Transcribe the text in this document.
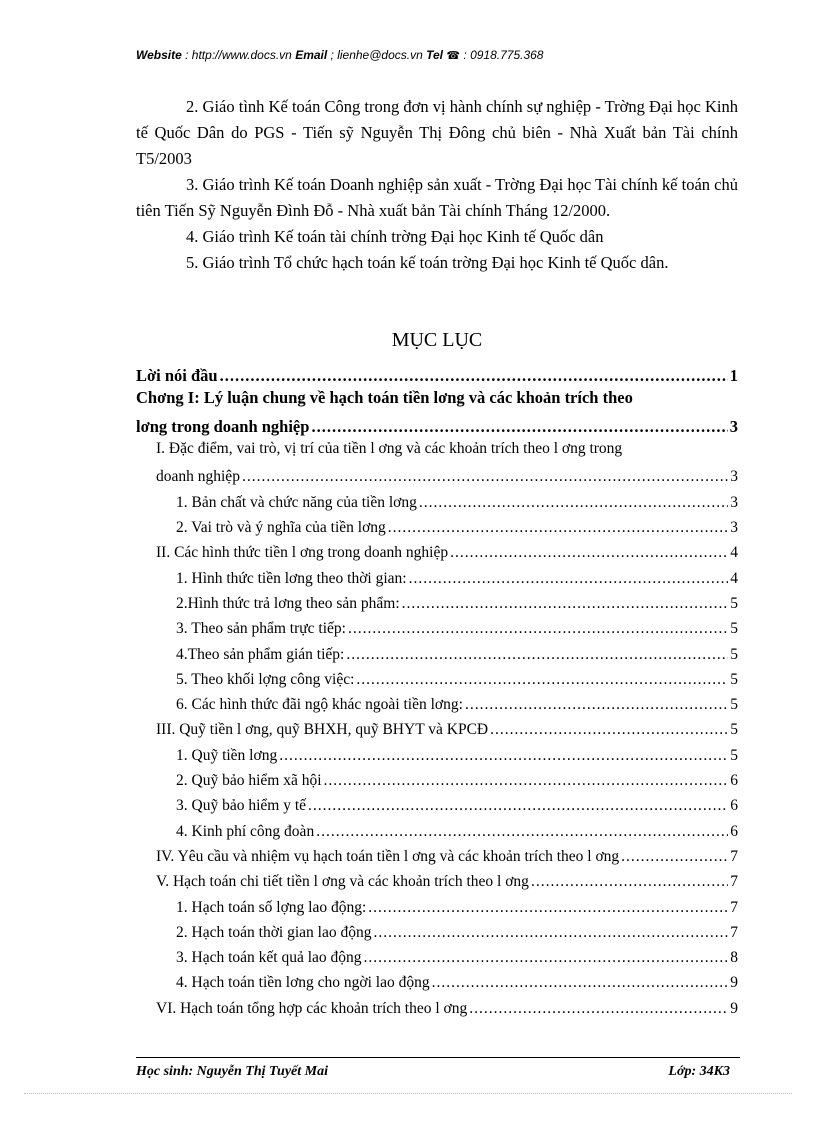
Website : http://www.docs.vn Email ; lienhe@docs.vn Tel ☎ : 0918.775.368

2. Giáo tình Kế toán Công trong đơn vị hành chính sự nghiệp - Trờng Đại học Kinh tế Quốc Dân do PGS - Tiến sỹ Nguyễn Thị Đông chủ biên - Nhà Xuất bản Tài chính T5/2003

3. Giáo trình Kế toán Doanh nghiệp sản xuất - Trờng Đại học Tài chính kế toán chủ tiên Tiến Sỹ Nguyễn Đình Đỗ - Nhà xuất bản Tài chính Tháng 12/2000.

4. Giáo trình Kế toán tài chính trờng Đại học Kinh tế Quốc dân

5. Giáo trình Tổ chức hạch toán kế toán trờng Đại học Kinh tế Quốc dân.

MỤC LỤC
Lời nói đầu .....	1
Chơng I: Lý luận chung về hạch toán tiền lơng và các khoản trích theo
lơng trong doanh nghiệp .....	3
I. Đặc điểm, vai trò, vị trí của tiền l ơng và các khoản trích theo l ơng trong
doanh nghiệp .....	3
1. Bản chất và chức năng của tiền lơng .....	3
2. Vai trò và ý nghĩa của tiền lơng .....	3
II. Các hình thức tiền l ơng trong doanh nghiệp .....	4
1. Hình thức tiền lơng theo thời gian: .....	4
2.Hình thức trả lơng theo sản phẩm: .....	5
3. Theo sản phẩm trực tiếp: .....	5
4.Theo sản phẩm gián tiếp: .....	5
5. Theo khối lợng công việc: .....	5
6. Các hình thức đãi ngộ khác ngoài tiền lơng: .....	5
III. Quỹ tiền l ơng, quỹ BHXH, quỹ BHYT và KPCĐ .....	5
1. Quỹ tiền lơng .....	5
2. Quỹ bảo hiểm xã hội .....	6
3. Quỹ bảo hiểm y tế .....	6
4. Kinh phí công đoàn .....	6
IV. Yêu cầu và nhiệm vụ hạch toán tiền l ơng và các khoản trích theo l ơng .....	7
V. Hạch toán chi tiết tiền l ơng và các khoản trích theo l ơng .....	7
1. Hạch toán số lợng lao động: .....	7
2. Hạch toán thời gian lao động .....	7
3. Hạch toán kết quả lao động .....	8
4. Hạch toán tiền lơng cho ngời lao động .....	9
VI. Hạch toán tổng hợp các khoản trích theo l ơng .....	9
Học sinh: Nguyễn Thị Tuyết Mai	Lớp: 34K3
